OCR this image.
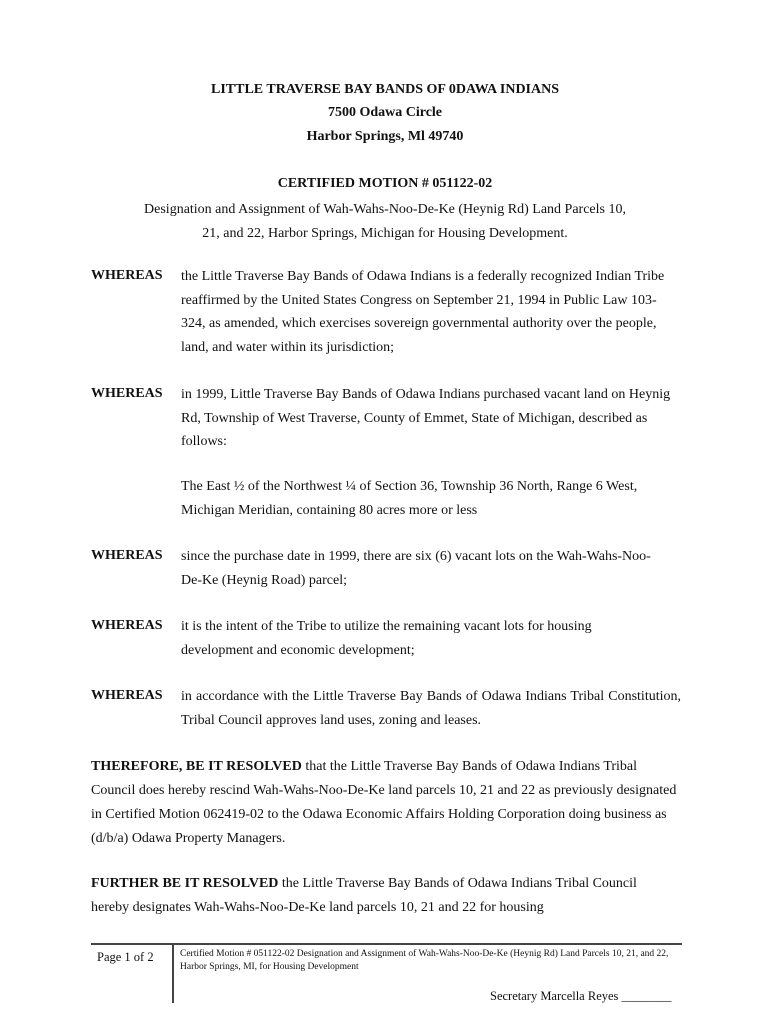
LITTLE TRAVERSE BAY BANDS OF 0DAWA INDIANS
7500 Odawa Circle
Harbor Springs, Ml 49740
CERTIFIED MOTION # 051122-02
Designation and Assignment of Wah-Wahs-Noo-De-Ke (Heynig Rd) Land Parcels 10,
21, and 22, Harbor Springs, Michigan for Housing Development.
WHEREAS the Little Traverse Bay Bands of Odawa Indians is a federally recognized Indian Tribe reaffirmed by the United States Congress on September 21, 1994 in Public Law 103-324, as amended, which exercises sovereign governmental authority over the people, land, and water within its jurisdiction;
WHEREAS in 1999, Little Traverse Bay Bands of Odawa Indians purchased vacant land on Heynig Rd, Township of West Traverse, County of Emmet, State of Michigan, described as follows:
The East ½ of the Northwest ¼ of Section 36, Township 36 North, Range 6 West, Michigan Meridian, containing 80 acres more or less
WHEREAS since the purchase date in 1999, there are six (6) vacant lots on the Wah-Wahs-Noo-De-Ke (Heynig Road) parcel;
WHEREAS it is the intent of the Tribe to utilize the remaining vacant lots for housing development and economic development;
WHEREAS in accordance with the Little Traverse Bay Bands of Odawa Indians Tribal Constitution, Tribal Council approves land uses, zoning and leases.
THEREFORE, BE IT RESOLVED that the Little Traverse Bay Bands of Odawa Indians Tribal Council does hereby rescind Wah-Wahs-Noo-De-Ke land parcels 10, 21 and 22 as previously designated in Certified Motion 062419-02 to the Odawa Economic Affairs Holding Corporation doing business as (d/b/a) Odawa Property Managers.
FURTHER BE IT RESOLVED the Little Traverse Bay Bands of Odawa Indians Tribal Council hereby designates Wah-Wahs-Noo-De-Ke land parcels 10, 21 and 22 for housing
Page 1 of 2	Certified Motion # 051122-02 Designation and Assignment of Wah-Wahs-Noo-De-Ke (Heynig Rd) Land Parcels 10, 21, and 22, Harbor Springs, MI, for Housing Development
Secretary Marcella Reyes ________
